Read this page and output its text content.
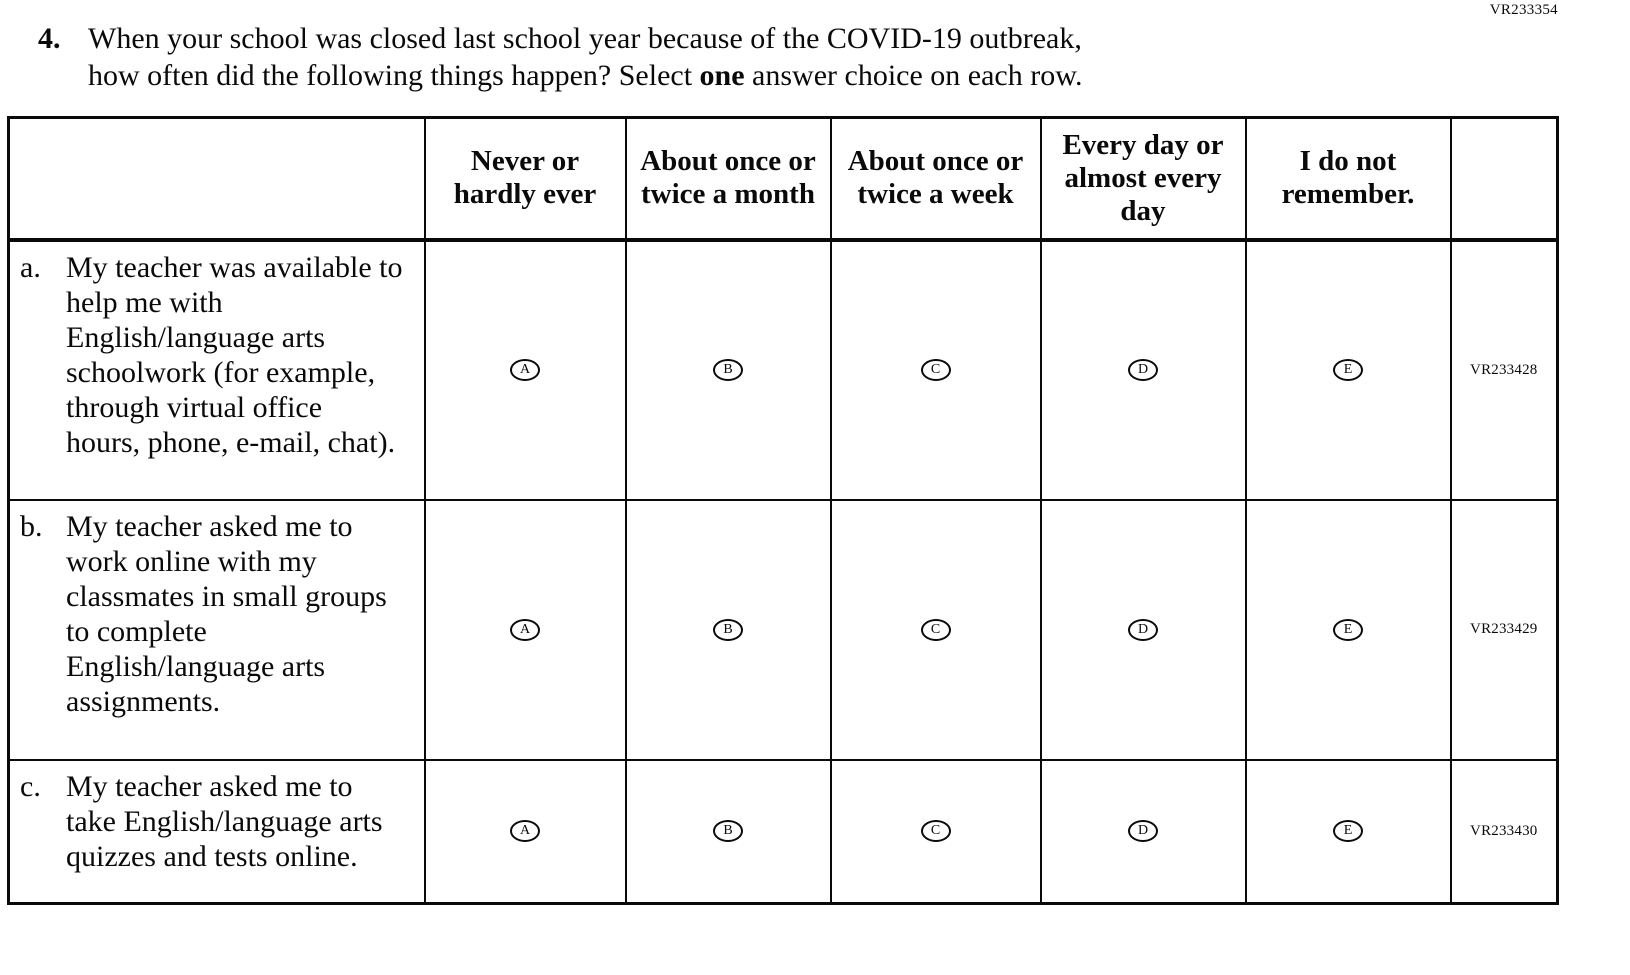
VR233354
4. When your school was closed last school year because of the COVID-19 outbreak,
how often did the following things happen? Select one answer choice on each row.
	Never or hardly ever	About once or twice a month	About once or twice a week	Every day or almost every day	I do not remember.	
a. My teacher was available to help me with English/language arts schoolwork (for example, through virtual office hours, phone, e-mail, chat).	A	B	C	D	E	VR233428
b. My teacher asked me to work online with my classmates in small groups to complete English/language arts assignments.	A	B	C	D	E	VR233429
c. My teacher asked me to take English/language arts quizzes and tests online.	A	B	C	D	E	VR233430
